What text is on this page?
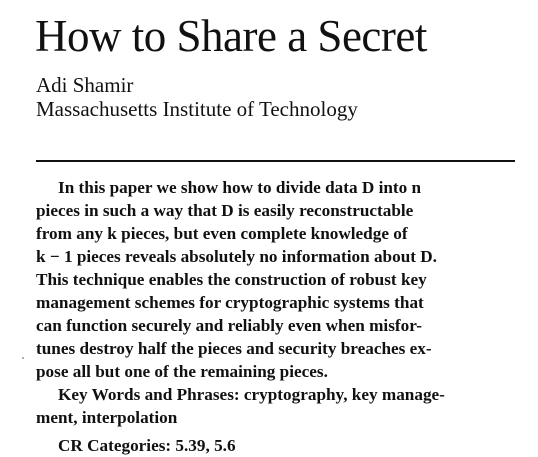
How to Share a Secret
Adi Shamir
Massachusetts Institute of Technology
In this paper we show how to divide data D into n
pieces in such a way that D is easily reconstructable
from any k pieces, but even complete knowledge of
k − 1 pieces reveals absolutely no information about D.
This technique enables the construction of robust key
management schemes for cryptographic systems that
can function securely and reliably even when misfor-
tunes destroy half the pieces and security breaches ex-
pose all but one of the remaining pieces.
Key Words and Phrases: cryptography, key manage-
ment, interpolation
CR Categories: 5.39, 5.6
